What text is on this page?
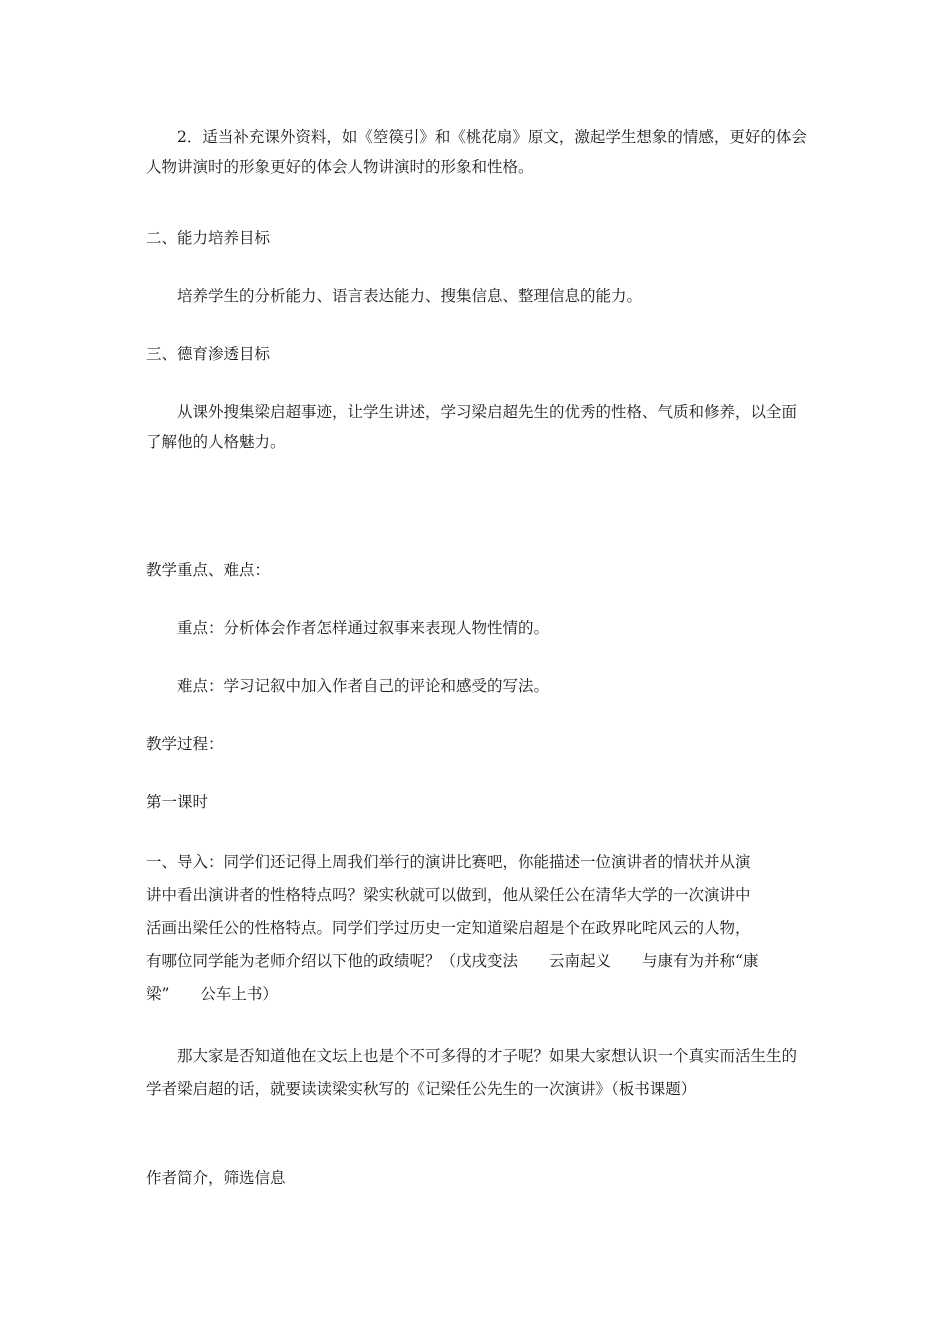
2．适当补充课外资料，如《箜篌引》和《桃花扇》原文，激起学生想象的情感，更好的体会人物讲演时的形象更好的体会人物讲演时的形象和性格。
二、能力培养目标
培养学生的分析能力、语言表达能力、搜集信息、整理信息的能力。
三、德育渗透目标
从课外搜集梁启超事迹，让学生讲述，学习梁启超先生的优秀的性格、气质和修养，以全面了解他的人格魅力。
教学重点、难点：
重点：分析体会作者怎样通过叙事来表现人物性情的。
难点：学习记叙中加入作者自己的评论和感受的写法。
教学过程：
第一课时
一、导入：同学们还记得上周我们举行的演讲比赛吧，你能描述一位演讲者的情状并从演
讲中看出演讲者的性格特点吗？梁实秋就可以做到，他从梁任公在清华大学的一次演讲中
活画出梁任公的性格特点。同学们学过历史一定知道梁启超是个在政界叱咤风云的人物，
有哪位同学能为老师介绍以下他的政绩呢？（戊戌变法　　云南起义　　与康有为并称“康
梁”　　公车上书）
那大家是否知道他在文坛上也是个不可多得的才子呢？如果大家想认识一个真实而活生生的学者梁启超的话，就要读读梁实秋写的《记梁任公先生的一次演讲》（板书课题）
作者简介，筛选信息
